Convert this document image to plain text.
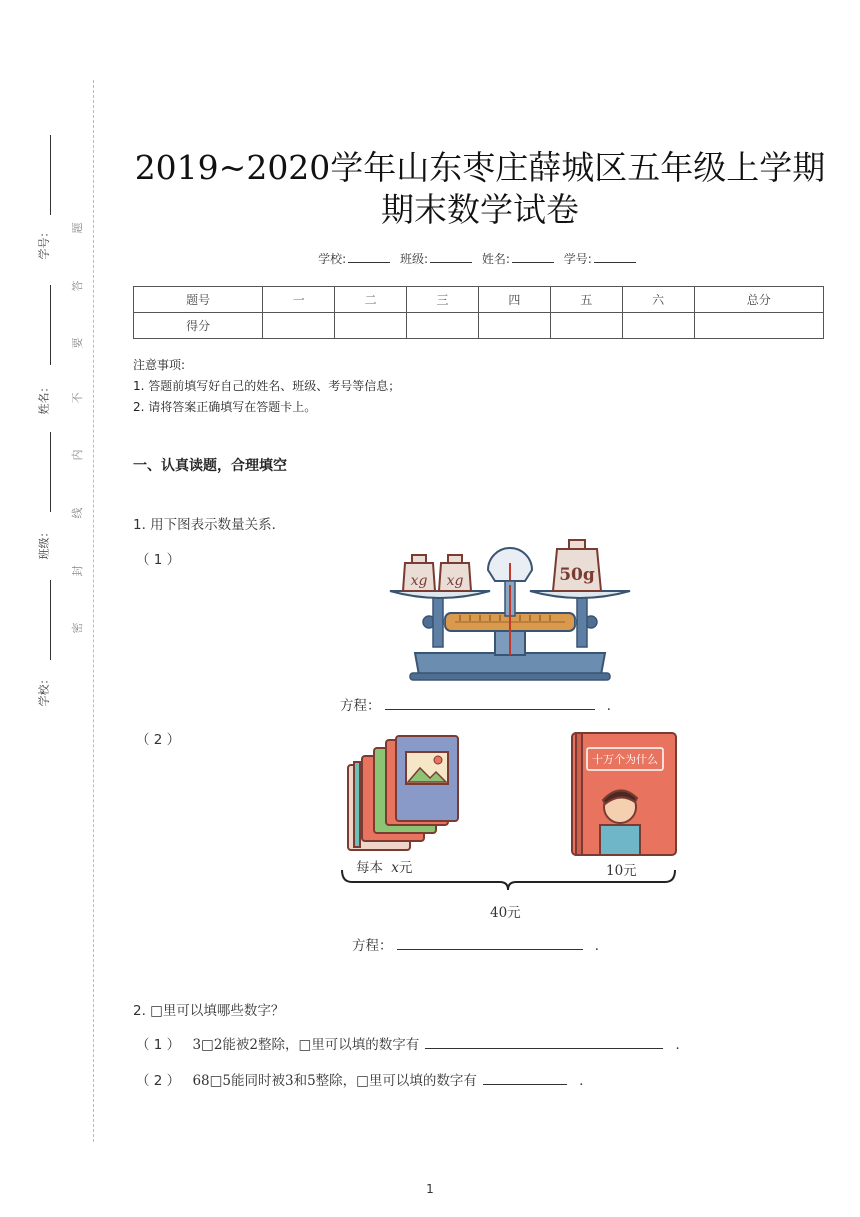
学号：
姓名：
班级：
学校：
题
答
要
不
内
线
封
密
2019~2020学年山东枣庄薛城区五年级上学期
期末数学试卷
学校:	班级:	姓名:	学号:
题号	一	二	三	四	五	六	总分
得分							
注意事项:
1. 答题前填写好自己的姓名、班级、考号等信息；
2. 请将答案正确填写在答题卡上。
一、认真读题，合理填空
1. 用下图表示数量关系．
（ 1 ）
xg xg	50g
方程：	．
（ 2 ）
十万个为什么
每本 x元	10元
40元
方程：	．
2. □里可以填哪些数字？
（ 1 ） 3□2能被2整除，□里可以填的数字有	．
（ 2 ） 68□5能同时被3和5整除，□里可以填的数字有	．
1
